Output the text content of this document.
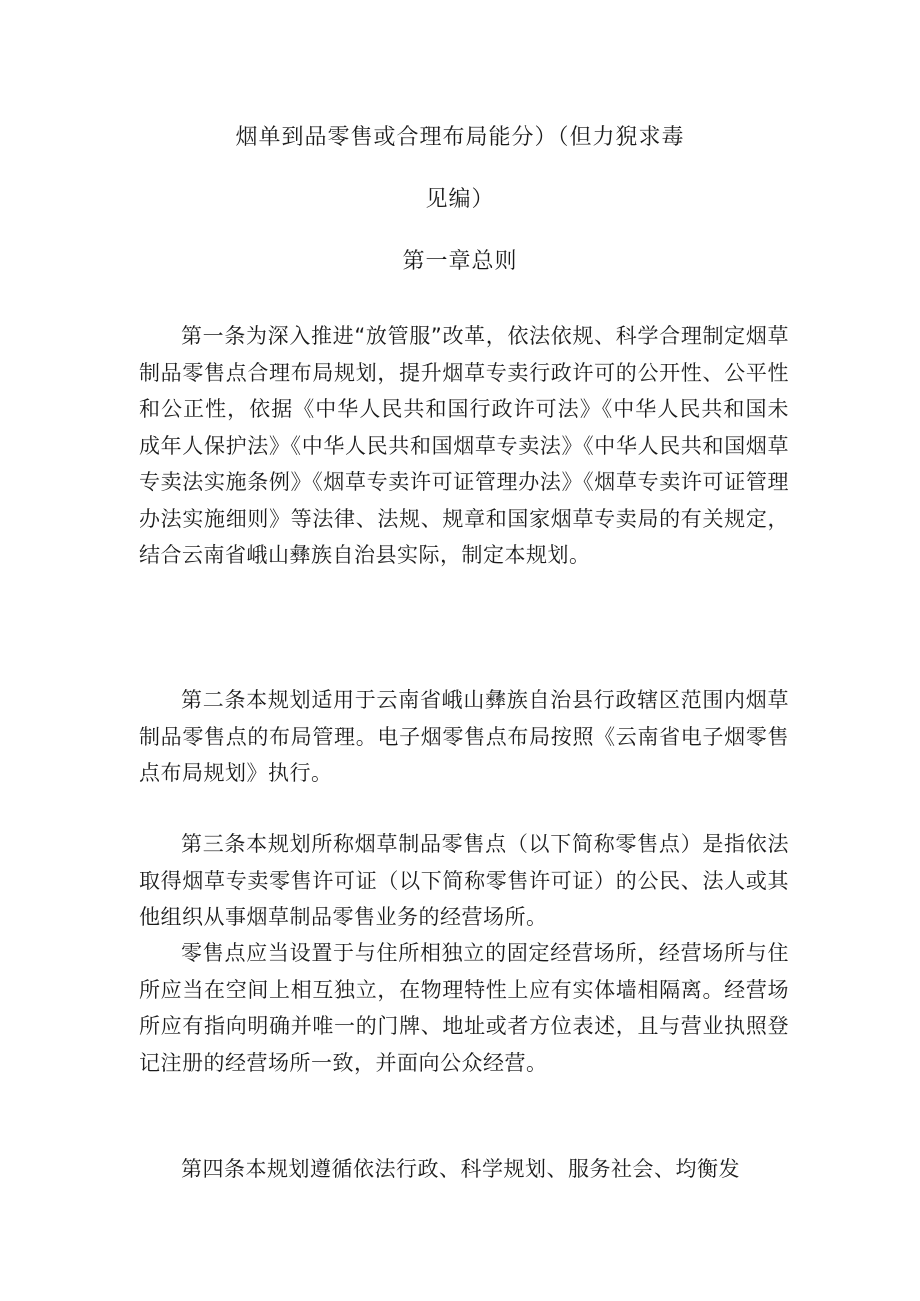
烟单到品零售或合理布局能分）（但力猊求毒
见编）
第一章总则

第一条为深入推进“放管服”改革，依法依规、科学合理制定烟草制品零售点合理布局规划，提升烟草专卖行政许可的公开性、公平性和公正性，依据《中华人民共和国行政许可法》《中华人民共和国未成年人保护法》《中华人民共和国烟草专卖法》《中华人民共和国烟草专卖法实施条例》《烟草专卖许可证管理办法》《烟草专卖许可证管理办法实施细则》等法律、法规、规章和国家烟草专卖局的有关规定，结合云南省峨山彝族自治县实际，制定本规划。

第二条本规划适用于云南省峨山彝族自治县行政辖区范围内烟草制品零售点的布局管理。电子烟零售点布局按照《云南省电子烟零售点布局规划》执行。

第三条本规划所称烟草制品零售点（以下简称零售点）是指依法取得烟草专卖零售许可证（以下简称零售许可证）的公民、法人或其他组织从事烟草制品零售业务的经营场所。

零售点应当设置于与住所相独立的固定经营场所，经营场所与住所应当在空间上相互独立，在物理特性上应有实体墙相隔离。经营场所应有指向明确并唯一的门牌、地址或者方位表述，且与营业执照登记注册的经营场所一致，并面向公众经营。

第四条本规划遵循依法行政、科学规划、服务社会、均衡发
